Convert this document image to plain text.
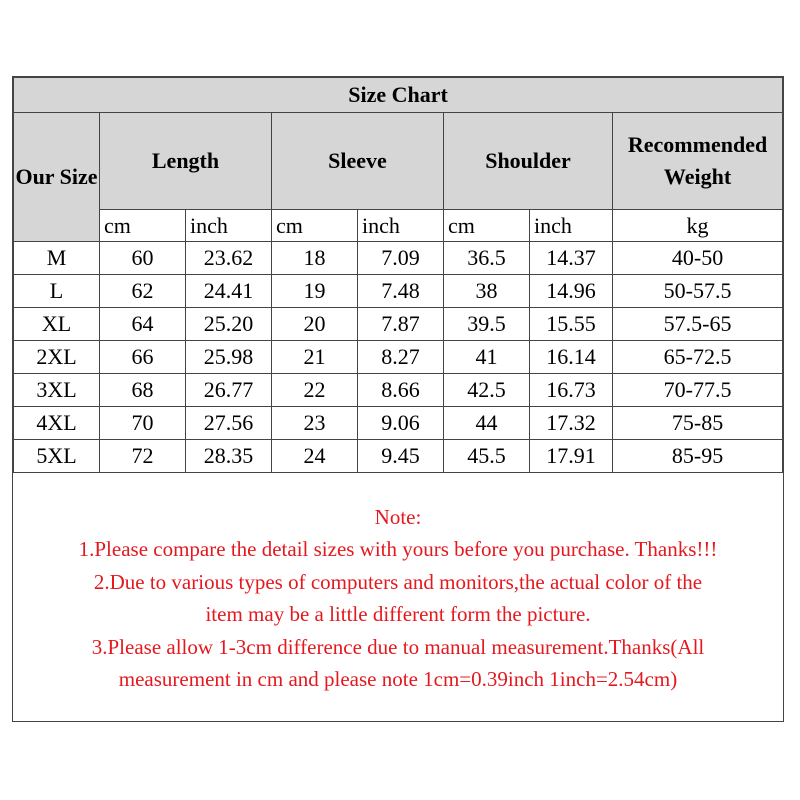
Size Chart							
Our Size	Length		Sleeve		Shoulder		Recommended Weight
	cm	inch	cm	inch	cm	inch	kg
M	60	23.62	18	7.09	36.5	14.37	40-50
L	62	24.41	19	7.48	38	14.96	50-57.5
XL	64	25.20	20	7.87	39.5	15.55	57.5-65
2XL	66	25.98	21	8.27	41	16.14	65-72.5
3XL	68	26.77	22	8.66	42.5	16.73	70-77.5
4XL	70	27.56	23	9.06	44	17.32	75-85
5XL	72	28.35	24	9.45	45.5	17.91	85-95
Note:
1.Please compare the detail sizes with yours before you purchase. Thanks!!!
2.Due to various types of computers and monitors,the actual color of the
item may be a little different form the picture.
3.Please allow 1-3cm difference due to manual measurement.Thanks(All
measurement in cm and please note 1cm=0.39inch 1inch=2.54cm)
